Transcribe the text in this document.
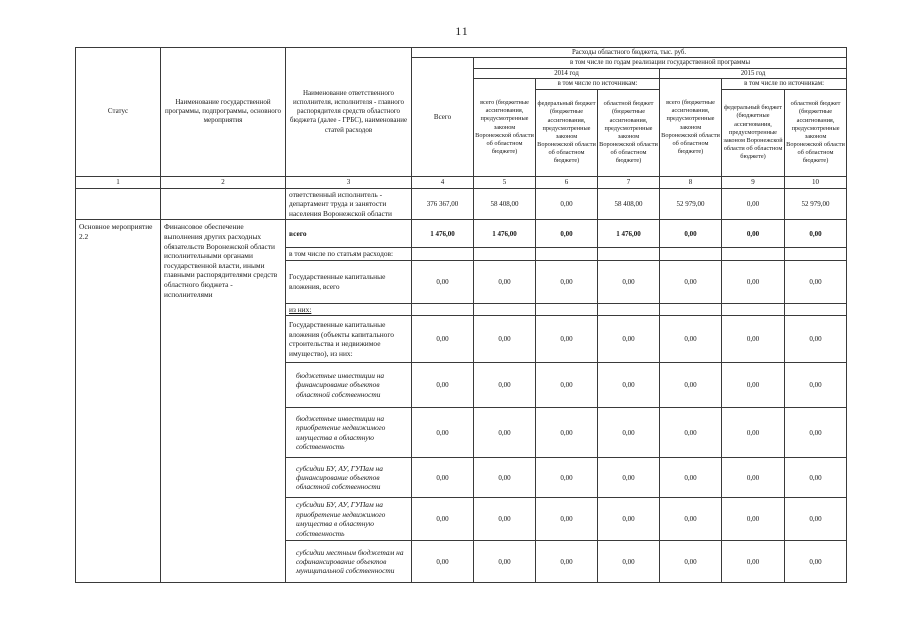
11
Статус	Наименование государственной программы, подпрограммы, основного мероприятия	Наименование ответственного исполнителя, исполнителя - главного распорядителя средств областного бюджета (далее - ГРБС), наименование статей расходов	Расходы областного бюджета, тыс. руб.						
			Всего	в том числе по годам реализации государственной программы					
				2014 год			2015 год		
				всего (бюджетные ассигнования, предусмотренные законом Воронежской области об областном бюджете)	в том числе по источникам:		всего (бюджетные ассигнования, предусмотренные законом Воронежской области об областном бюджете)	в том числе по источникам:	
					федеральный бюджет (бюджетные ассигнования, предусмотренные законом Воронежской области об областном бюджете)	областной бюджет (бюджетные ассигнования, предусмотренные законом Воронежской области об областном бюджете)		федеральный бюджет (бюджетные ассигнования, предусмотренные законом Воронежской области об областном бюджете)	областной бюджет (бюджетные ассигнования, предусмотренные законом Воронежской области об областном бюджете)
1	2	3	4	5	6	7	8	9	10
		ответственный исполнитель - департамент труда и занятости населения Воронежской области	376 367,00	58 408,00	0,00	58 408,00	52 979,00	0,00	52 979,00
Основное мероприятие 2.2	Финансовое обеспечение выполнения других расходных обязательств Воронежской области исполнительными органами государственной власти, иными главными распорядителями средств областного бюджета - исполнителями	всего	1 476,00	1 476,00	0,00	1 476,00	0,00	0,00	0,00
		в том числе по статьям расходов:							
		Государственные капитальные вложения, всего	0,00	0,00	0,00	0,00	0,00	0,00	0,00
		из них:							
		Государственные капитальные вложения (объекты капитального строительства и недвижимое имущество), из них:	0,00	0,00	0,00	0,00	0,00	0,00	0,00
		бюджетные инвестиции на финансирование объектов областной собственности	0,00	0,00	0,00	0,00	0,00	0,00	0,00
		бюджетные инвестиции на приобретение недвижимого имущества в областную собственность	0,00	0,00	0,00	0,00	0,00	0,00	0,00
		субсидии БУ, АУ, ГУПам на финансирование объектов областной собственности	0,00	0,00	0,00	0,00	0,00	0,00	0,00
		субсидии БУ, АУ, ГУПам на приобретение недвижимого имущества в областную собственность	0,00	0,00	0,00	0,00	0,00	0,00	0,00
		субсидии местным бюджетам на софинансирование объектов муниципальной собственности	0,00	0,00	0,00	0,00	0,00	0,00	0,00
